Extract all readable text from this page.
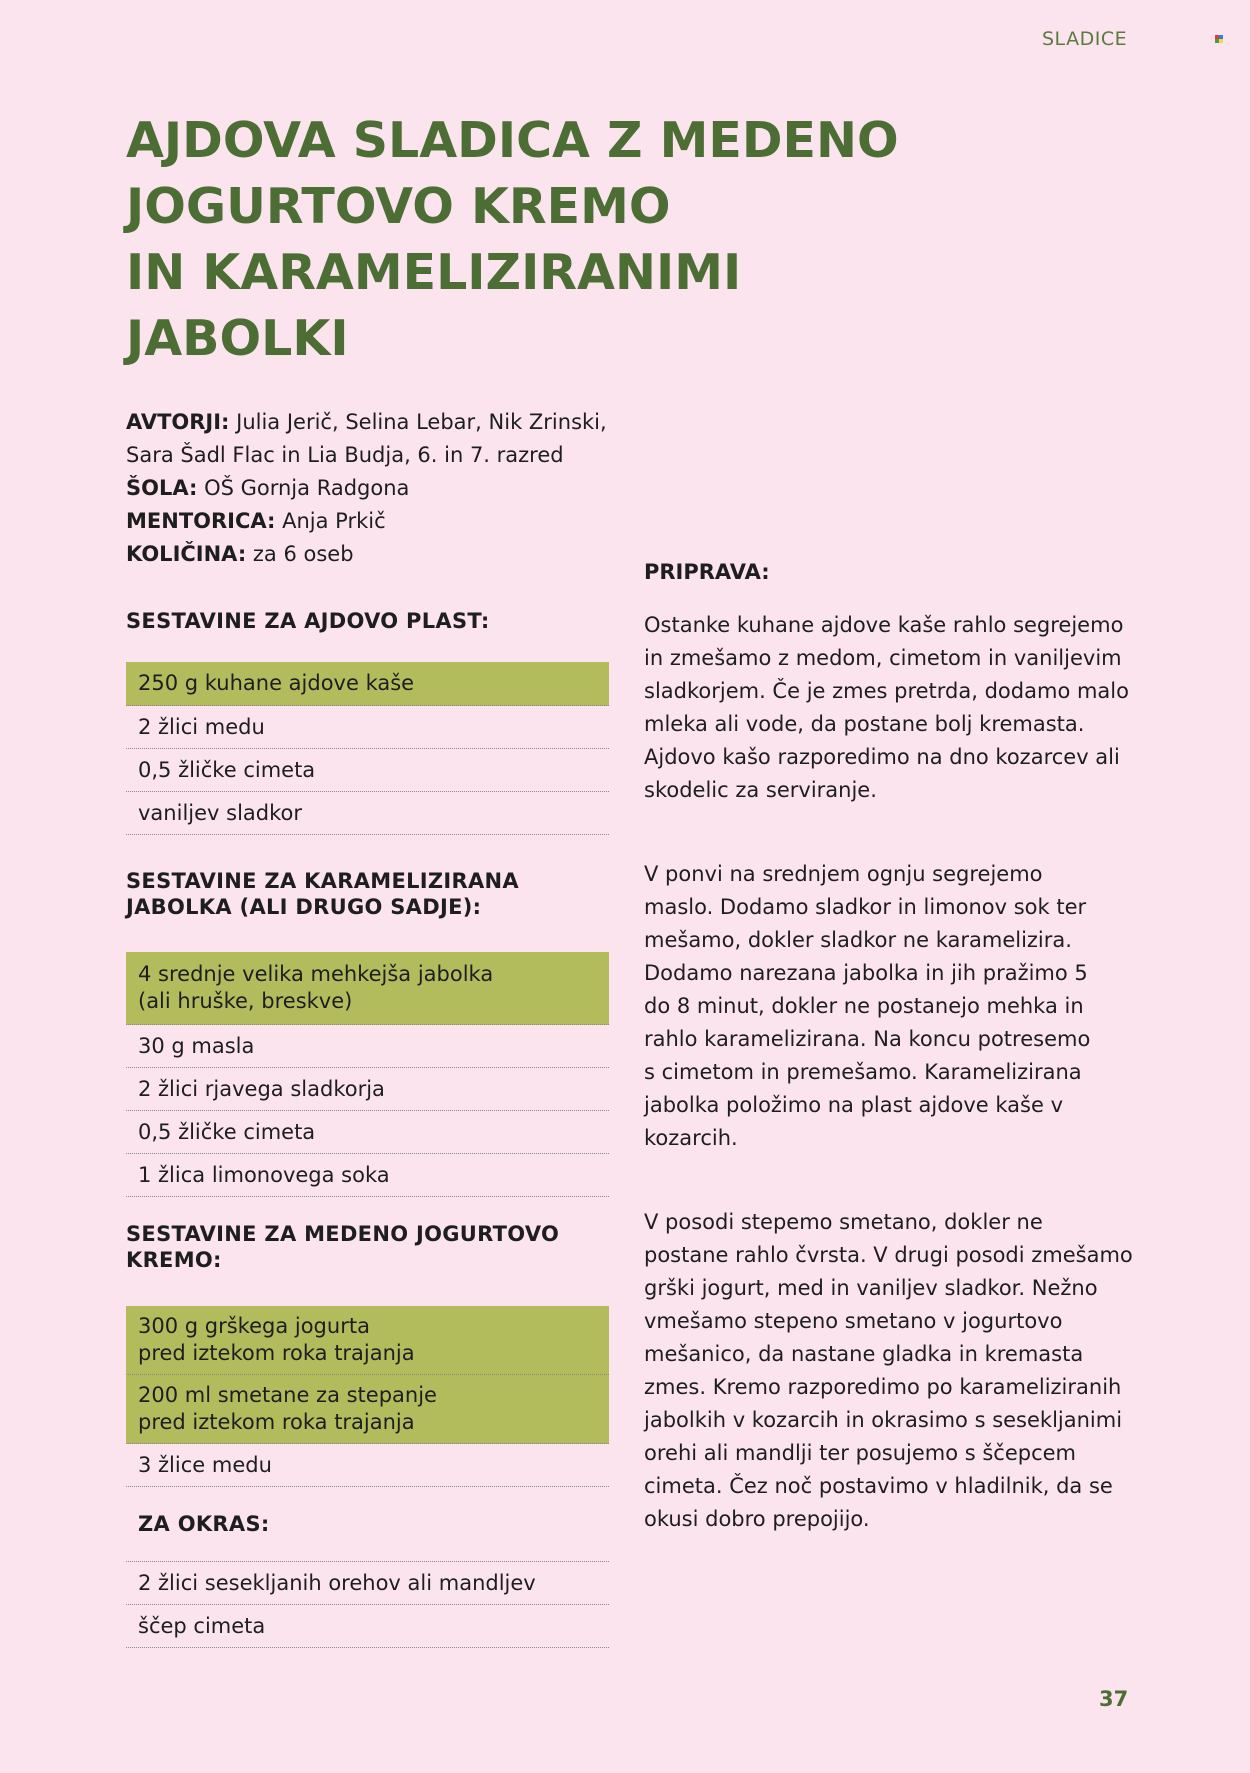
SLADICE
AJDOVA SLADICA Z MEDENO
JOGURTOVO KREMO
IN KARAMELIZIRANIMI
JABOLKI
AVTORJI: Julia Jerič, Selina Lebar, Nik Zrinski,
Sara Šadl Flac in Lia Budja, 6. in 7. razred
ŠOLA: OŠ Gornja Radgona
MENTORICA: Anja Prkič
KOLIČINA: za 6 oseb
SESTAVINE ZA AJDOVO PLAST:
250 g kuhane ajdove kaše
2 žlici medu
0,5 žličke cimeta
vaniljev sladkor
SESTAVINE ZA KARAMELIZIRANA
JABOLKA (ALI DRUGO SADJE):
4 srednje velika mehkejša jabolka
(ali hruške, breskve)
30 g masla
2 žlici rjavega sladkorja
0,5 žličke cimeta
1 žlica limonovega soka
SESTAVINE ZA MEDENO JOGURTOVO
KREMO:
300 g grškega jogurta
pred iztekom roka trajanja
200 ml smetane za stepanje
pred iztekom roka trajanja
3 žlice medu
ZA OKRAS:
2 žlici sesekljanih orehov ali mandljev
ščep cimeta
PRIPRAVA:
Ostanke kuhane ajdove kaše rahlo segrejemo
in zmešamo z medom, cimetom in vaniljevim
sladkorjem. Če je zmes pretrda, dodamo malo
mleka ali vode, da postane bolj kremasta.
Ajdovo kašo razporedimo na dno kozarcev ali
skodelic za serviranje.
V ponvi na srednjem ognju segrejemo
maslo. Dodamo sladkor in limonov sok ter
mešamo, dokler sladkor ne karamelizira.
Dodamo narezana jabolka in jih pražimo 5
do 8 minut, dokler ne postanejo mehka in
rahlo karamelizirana. Na koncu potresemo
s cimetom in premešamo. Karamelizirana
jabolka položimo na plast ajdove kaše v
kozarcih.
V posodi stepemo smetano, dokler ne
postane rahlo čvrsta. V drugi posodi zmešamo
grški jogurt, med in vaniljev sladkor. Nežno
vmešamo stepeno smetano v jogurtovo
mešanico, da nastane gladka in kremasta
zmes. Kremo razporedimo po karameliziranih
jabolkih v kozarcih in okrasimo s sesekljanimi
orehi ali mandlji ter posujemo s ščepcem
cimeta. Čez noč postavimo v hladilnik, da se
okusi dobro prepojijo.
37
